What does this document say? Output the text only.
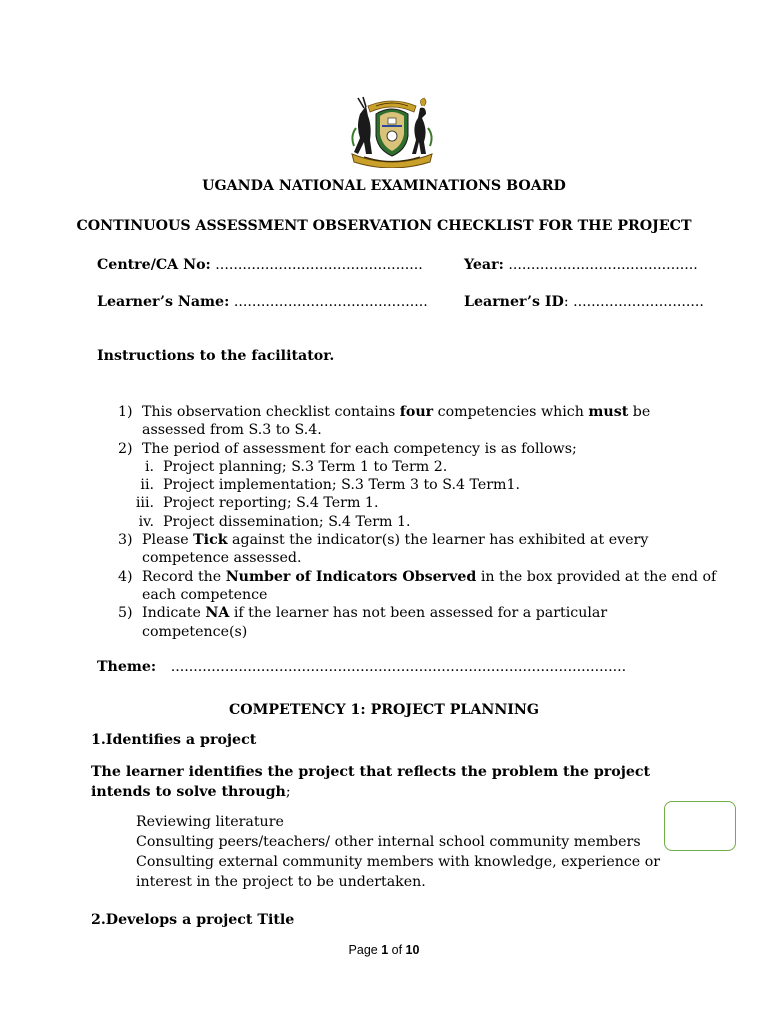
UGANDA NATIONAL EXAMINATIONS BOARD
CONTINUOUS ASSESSMENT OBSERVATION CHECKLIST FOR THE PROJECT
Centre/CA No: ..............................................	Year: ..........................................
Learner’s Name: ...........................................	Learner’s ID: .............................
Instructions to the facilitator.
1) This observation checklist contains four competencies which must be
assessed from S.3 to S.4.
2) The period of assessment for each competency is as follows;
i. Project planning; S.3 Term 1 to Term 2.
ii. Project implementation; S.3 Term 3 to S.4 Term1.
iii. Project reporting; S.4 Term 1.
iv. Project dissemination; S.4 Term 1.
3) Please Tick against the indicator(s) the learner has exhibited at every
competence assessed.
4) Record the Number of Indicators Observed in the box provided at the end of
each competence
5) Indicate NA if the learner has not been assessed for a particular
competence(s)
Theme: .....................................................................................................
COMPETENCY 1: PROJECT PLANNING
1.Identifies a project
The learner identifies the project that reflects the problem the project
intends to solve through;
Reviewing literature
Consulting peers/teachers/ other internal school community members
Consulting external community members with knowledge, experience or
interest in the project to be undertaken.
2.Develops a project Title
Page 1 of 10
